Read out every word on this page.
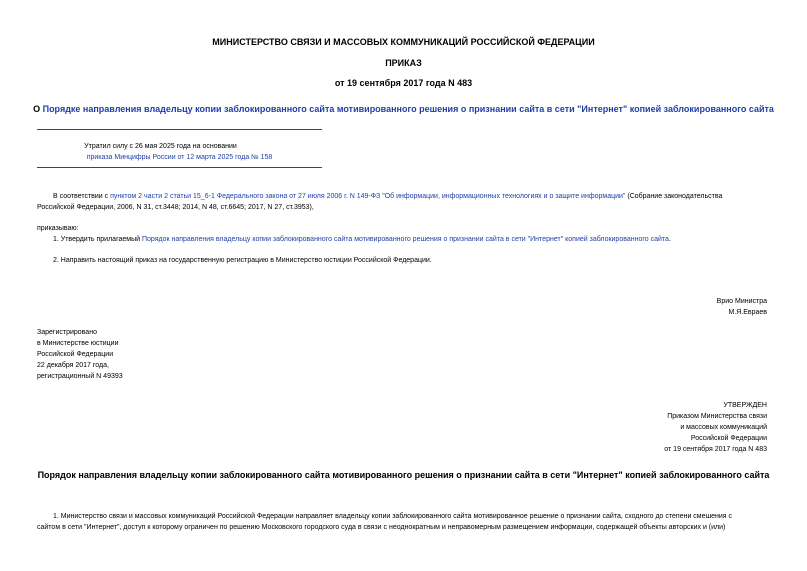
МИНИСТЕРСТВО СВЯЗИ И МАССОВЫХ КОММУНИКАЦИЙ РОССИЙСКОЙ ФЕДЕРАЦИИ
ПРИКАЗ
от 19 сентября 2017 года N 483
О Порядке направления владельцу копии заблокированного сайта мотивированного решения о признании сайта в сети "Интернет" копией заблокированного сайта
Утратил силу с 26 мая 2025 года на основании
приказа Минцифры России от 12 марта 2025 года № 158
В соответствии с пунктом 2 части 2 статьи 15_6-1 Федерального закона от 27 июля 2006 г. N 149-ФЗ "Об информации, информационных технологиях и о защите информации" (Собрание законодательства
Российской Федерации, 2006, N 31, ст.3448; 2014, N 48, ст.6645; 2017, N 27, ст.3953),
приказываю:
1. Утвердить прилагаемый Порядок направления владельцу копии заблокированного сайта мотивированного решения о признании сайта в сети "Интернет" копией заблокированного сайта.
2. Направить настоящий приказ на государственную регистрацию в Министерство юстиции Российской Федерации.
Врио Министра
М.Я.Евраев
Зарегистрировано
в Министерстве юстиции
Российской Федерации
22 декабря 2017 года,
регистрационный N 49393
УТВЕРЖДЕН
Приказом Министерства связи
и массовых коммуникаций
Российской Федерации
от 19 сентября 2017 года N 483
Порядок направления владельцу копии заблокированного сайта мотивированного решения о признании сайта в сети "Интернет" копией заблокированного сайта
1. Министерство связи и массовых коммуникаций Российской Федерации направляет владельцу копии заблокированного сайта мотивированное решение о признании сайта, сходного до степени смешения с
сайтом в сети "Интернет", доступ к которому ограничен по решению Московского городского суда в связи с неоднократным и неправомерным размещением информации, содержащей объекты авторских и (или)
